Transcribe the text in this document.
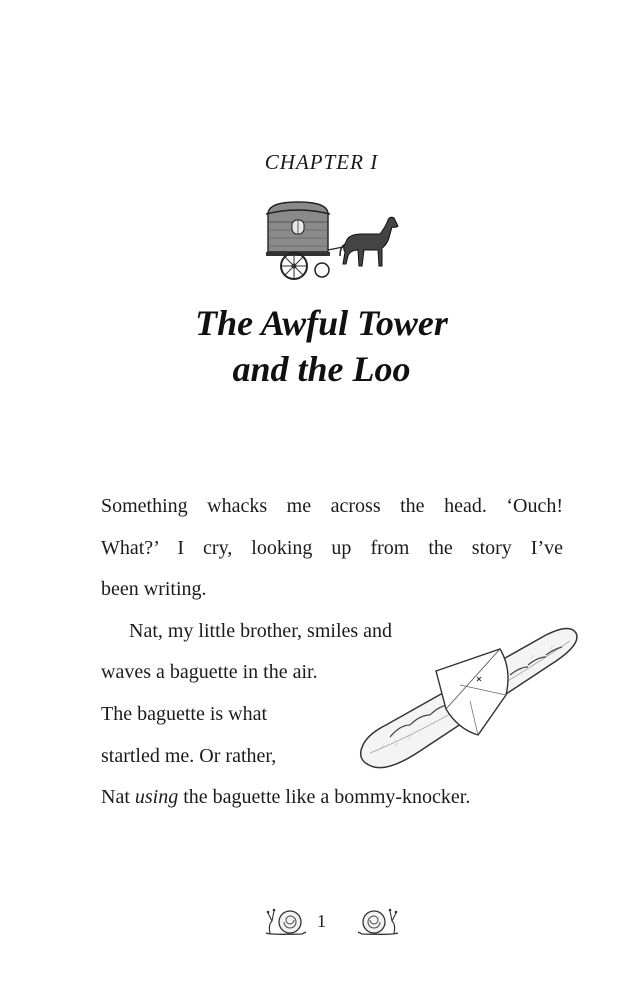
CHAPTER I
The Awful Tower
and the Loo
Something whacks me across the head. ‘Ouch!
What?’ I cry, looking up from the story I’ve
been writing.
Nat, my little brother, smiles and
waves a baguette in the air.
The baguette is what
startled me. Or rather,
Nat using the baguette like a bommy-knocker.
1
